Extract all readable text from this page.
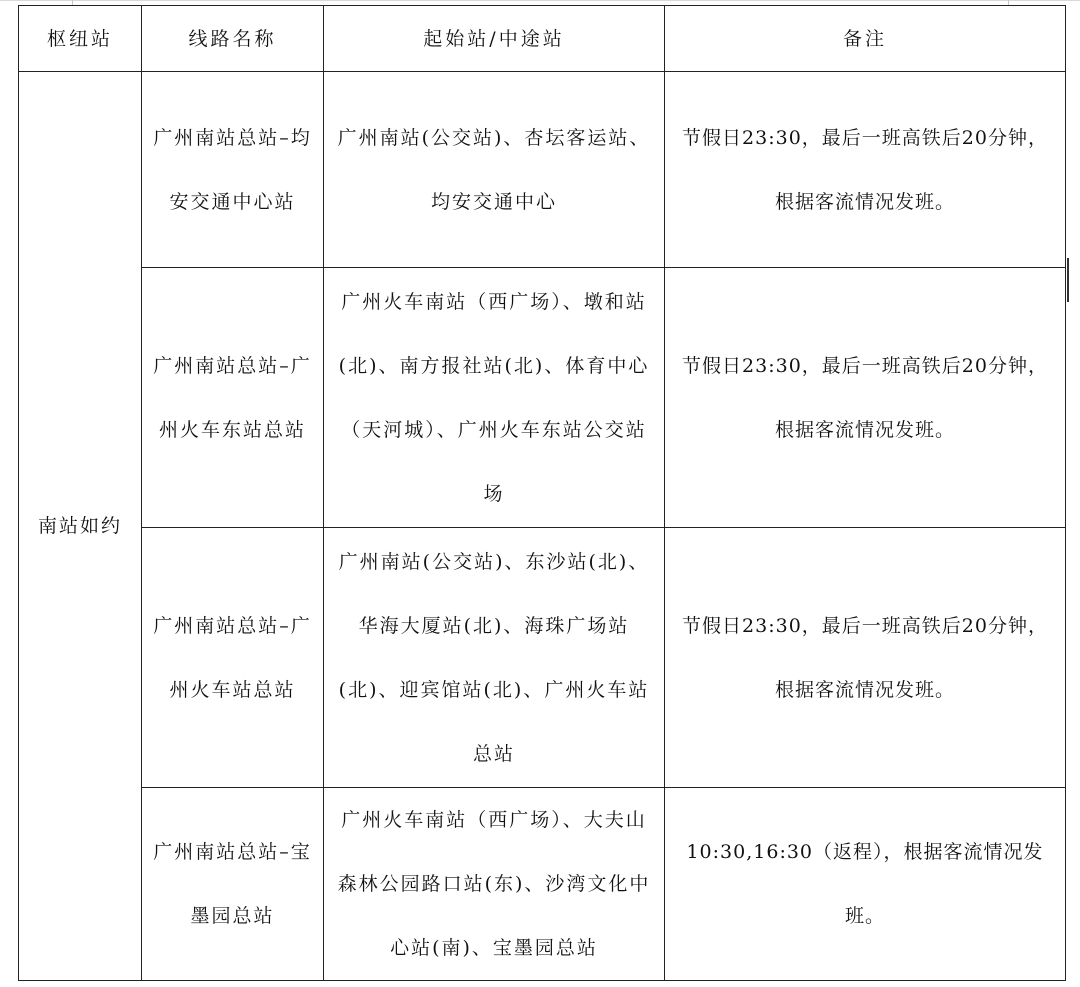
枢纽站	线路名称	起始站/中途站	备注

南站如约	广州南站总站–均安交通中心站	广州南站(公交站)、杏坛客运站、均安交通中心	节假日23:30，最后一班高铁后20分钟，根据客流情况发班。

	广州南站总站–广州火车东站总站	广州火车南站（西广场）、墩和站(北)、南方报社站(北)、体育中心（天河城）、广州火车东站公交站场	节假日23:30，最后一班高铁后20分钟，根据客流情况发班。

	广州南站总站–广州火车站总站	广州南站(公交站)、东沙站(北)、华海大厦站(北)、海珠广场站(北)、迎宾馆站(北)、广州火车站总站	节假日23:30，最后一班高铁后20分钟，根据客流情况发班。

	广州南站总站–宝墨园总站	广州火车南站（西广场）、大夫山森林公园路口站(东)、沙湾文化中心站(南)、宝墨园总站	10:30,16:30（返程），根据客流情况发班。
